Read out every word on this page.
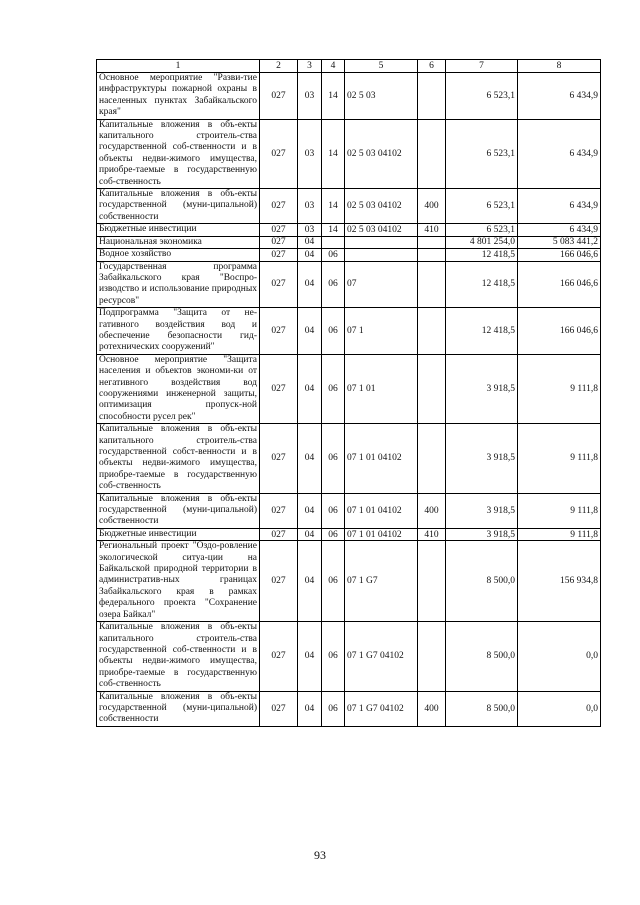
1	2	3	4	5	6	7	8
Основное мероприятие "Разви-тие инфраструктуры пожарной охраны в населенных пунктах Забайкальского края"	027	03	14	02 5 03		6 523,1	6 434,9
Капитальные вложения в объ-екты капитального строитель-ства государственной соб-ственности и в объекты недви-жимого имущества, приобре-таемые в государственную соб-ственность	027	03	14	02 5 03 04102		6 523,1	6 434,9
Капитальные вложения в объ-екты государственной (муни-ципальной) собственности	027	03	14	02 5 03 04102	400	6 523,1	6 434,9
Бюджетные инвестиции	027	03	14	02 5 03 04102	410	6 523,1	6 434,9
Национальная экономика	027	04				4 801 254,0	5 083 441,2
Водное хозяйство	027	04	06			12 418,5	166 046,6
Государственная программа Забайкальского края "Воспро-изводство и использование природных ресурсов"	027	04	06	07		12 418,5	166 046,6
Подпрограмма "Защита от не-гативного воздействия вод и обеспечение безопасности гид-ротехнических сооружений"	027	04	06	07 1		12 418,5	166 046,6
Основное мероприятие "Защита населения и объектов экономи-ки от негативного воздействия вод сооружениями инженерной защиты, оптимизация пропуск-ной способности русел рек"	027	04	06	07 1 01		3 918,5	9 111,8
Капитальные вложения в объ-екты капитального строитель-ства государственной собст-венности и в объекты недви-жимого имущества, приобре-таемые в государственную соб-ственность	027	04	06	07 1 01 04102		3 918,5	9 111,8
Капитальные вложения в объ-екты государственной (муни-ципальной) собственности	027	04	06	07 1 01 04102	400	3 918,5	9 111,8
Бюджетные инвестиции	027	04	06	07 1 01 04102	410	3 918,5	9 111,8
Региональный проект "Оздо-ровление экологической ситуа-ции на Байкальской природной территории в административ-ных границах Забайкальского края в рамках федерального проекта "Сохранение озера Байкал"	027	04	06	07 1 G7		8 500,0	156 934,8
Капитальные вложения в объ-екты капитального строитель-ства государственной соб-ственности и в объекты недви-жимого имущества, приобре-таемые в государственную соб-ственность	027	04	06	07 1 G7 04102		8 500,0	0,0
Капитальные вложения в объ-екты государственной (муни-ципальной) собственности	027	04	06	07 1 G7 04102	400	8 500,0	0,0
93
